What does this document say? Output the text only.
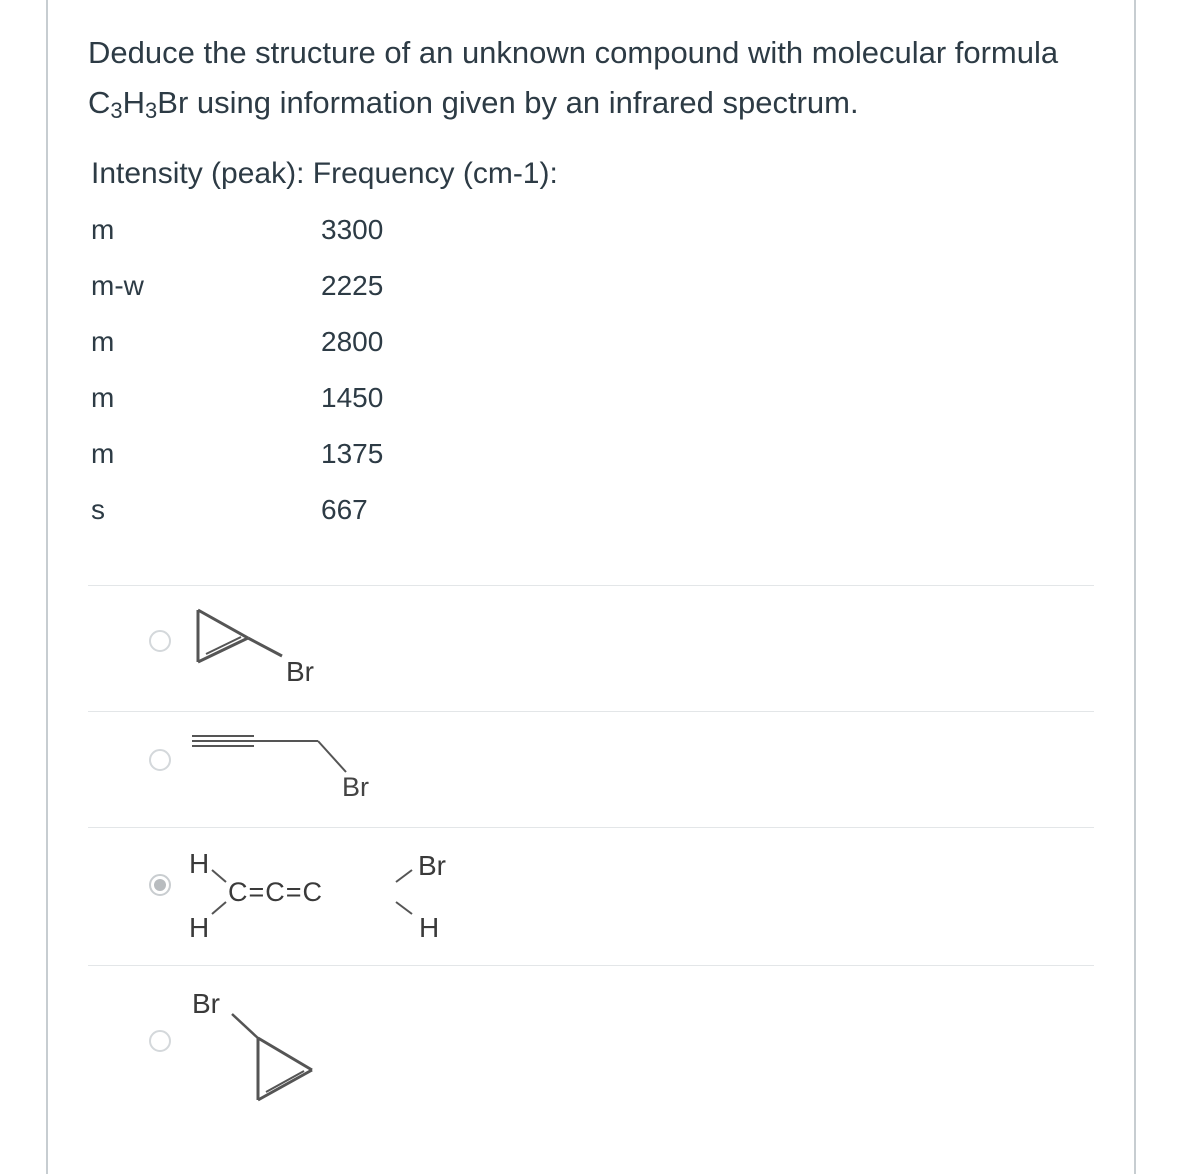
Deduce the structure of an unknown compound with molecular formula
$C_3H_3Br$ using information given by an infrared spectrum.
Intensity (peak): Frequency (cm-1):
m	3300
m-w	2225
m	2800
m	1450
m	1375
s	667
Br
Br
H
H
C=C=C
Br
H
Br
